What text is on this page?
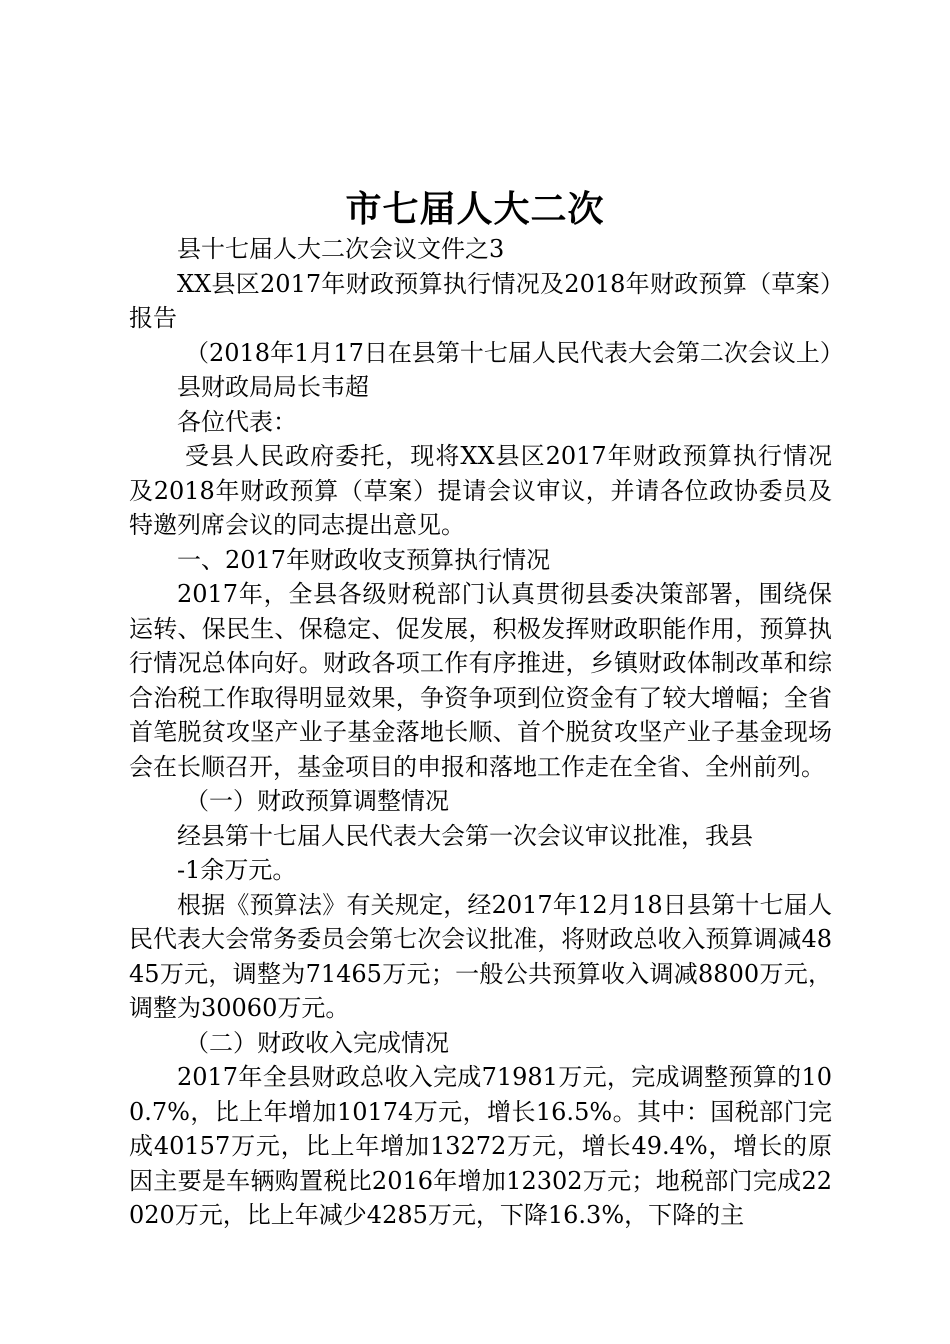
市七届人大二次

县十七届人大二次会议文件之3

XX县区2017年财政预算执行情况及2018年财政预算（草案）报告

（2018年1月17日在县第十七届人民代表大会第二次会议上）

县财政局局长韦超

各位代表：

受县人民政府委托，现将XX县区2017年财政预算执行情况及2018年财政预算（草案）提请会议审议，并请各位政协委员及特邀列席会议的同志提出意见。

一、2017年财政收支预算执行情况

2017年，全县各级财税部门认真贯彻县委决策部署，围绕保运转、保民生、保稳定、促发展，积极发挥财政职能作用，预算执行情况总体向好。财政各项工作有序推进，乡镇财政体制改革和综合治税工作取得明显效果，争资争项到位资金有了较大增幅；全省首笔脱贫攻坚产业子基金落地长顺、首个脱贫攻坚产业子基金现场会在长顺召开，基金项目的申报和落地工作走在全省、全州前列。

（一）财政预算调整情况

经县第十七届人民代表大会第一次会议审议批准，我县

-1余万元。

根据《预算法》有关规定，经2017年12月18日县第十七届人民代表大会常务委员会第七次会议批准，将财政总收入预算调减4845万元，调整为71465万元；一般公共预算收入调减8800万元，调整为30060万元。

（二）财政收入完成情况

2017年全县财政总收入完成71981万元，完成调整预算的100.7%，比上年增加10174万元，增长16.5%。其中：国税部门完成40157万元，比上年增加13272万元，增长49.4%，增长的原因主要是车辆购置税比2016年增加12302万元；地税部门完成22020万元，比上年减少4285万元，下降16.3%，下降的主
